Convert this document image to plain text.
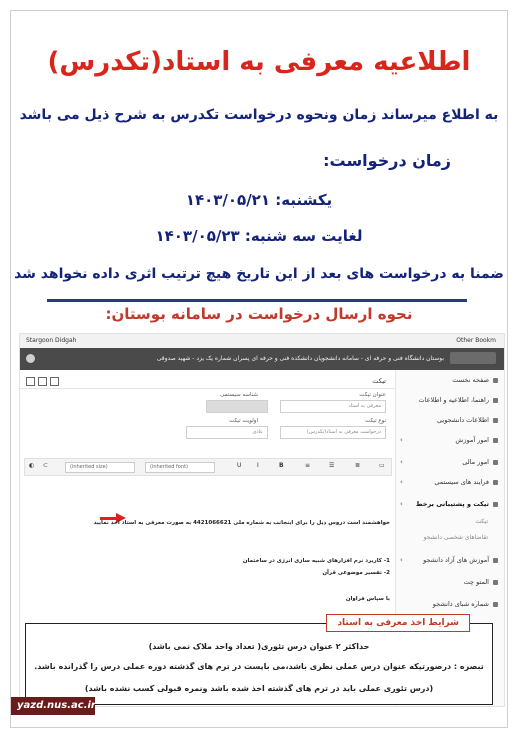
اطلاعیه معرفی به استاد(تکدرس)
به اطلاع میرساند زمان ونحوه درخواست تکدرس به شرح ذیل می باشد
زمان درخواست:
یکشنبه: ۱۴۰۳/۰۵/۲۱
لغایت سه شنبه: ۱۴۰۳/۰۵/۲۳
ضمنا به درخواست های بعد از این تاریخ هیچ ترتیب اثری داده نخواهد شد
نحوه ارسال درخواست در سامانه بوستان:
Stargoon Didgah	Other Bookm
بوستان دانشگاه فنی و حرفه ای - سامانه دانشجویان دانشکده فنی و حرفه ای پسران شماره یک یزد - شهید صدوقی
صفحه نخست
راهنما، اطلاعیه و اطلاعات
اطلاعات دانشجویی
امور آموزش
‹
امور مالی
‹
فرایند های سیستمی
‹
تیکت و پشتیبانی برخط
‹
تیکت
تقاضاهای شخصی دانشجو
آموزش های آزاد دانشجو
‹
المتو چت
شماره شبای دانشجو
تیکت
عنوان تیکت
معرفی به استاد
شناسه سیستمی
نوع تیکت
درخواست معرفی به استاد(تکدرس)
اولویت تیکت
عادی
◐ ⊂	(inherited size)	(inherited font)	U	I	B	≡	☰	≣	▭
خواهشمند است دروس ذیل را برای اینجانب به شماره ملی 4421066621 به صورت معرفی به استاد اخذ نمایید
1- کاربرد نرم افزارهای شبیه سازی انرژی در ساختمان
2- تفسیر موضوعی قرآن
با سپاس فراوان
شرایط اخذ معرفی به استاد
حداکثر ۲ عنوان درس تئوری( تعداد واحد ملاک نمی باشد)
تبصره : درصورتیکه عنوان درس عملی نظری باشد،می بایست در ترم های گذشته دوره عملی درس را گذرانده باشد.
(درس تئوری عملی باید در ترم های گذشته اخذ شده باشد ونمره قبولی کسب نشده باشد)
yazd.nus.ac.ir
